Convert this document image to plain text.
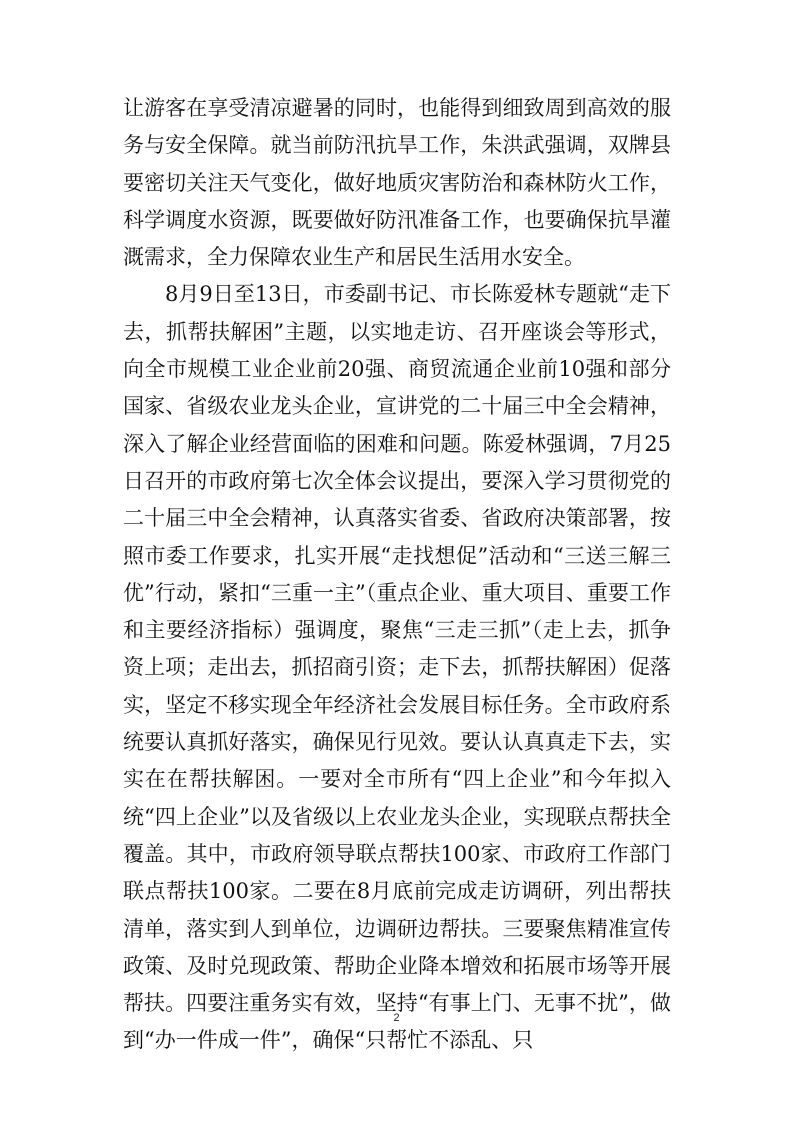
让游客在享受清凉避暑的同时，也能得到细致周到高效的服务与安全保障。就当前防汛抗旱工作，朱洪武强调，双牌县要密切关注天气变化，做好地质灾害防治和森林防火工作，科学调度水资源，既要做好防汛准备工作，也要确保抗旱灌溉需求，全力保障农业生产和居民生活用水安全。

8月9日至13日，市委副书记、市长陈爱林专题就“走下去，抓帮扶解困”主题，以实地走访、召开座谈会等形式，向全市规模工业企业前20强、商贸流通企业前10强和部分国家、省级农业龙头企业，宣讲党的二十届三中全会精神，深入了解企业经营面临的困难和问题。陈爱林强调，7月25日召开的市政府第七次全体会议提出，要深入学习贯彻党的二十届三中全会精神，认真落实省委、省政府决策部署，按照市委工作要求，扎实开展“走找想促”活动和“三送三解三优”行动，紧扣“三重一主”（重点企业、重大项目、重要工作和主要经济指标）强调度，聚焦“三走三抓”（走上去，抓争资上项；走出去，抓招商引资；走下去，抓帮扶解困）促落实，坚定不移实现全年经济社会发展目标任务。全市政府系统要认真抓好落实，确保见行见效。要认认真真走下去，实实在在帮扶解困。一要对全市所有“四上企业”和今年拟入统“四上企业”以及省级以上农业龙头企业，实现联点帮扶全覆盖。其中，市政府领导联点帮扶100家、市政府工作部门联点帮扶100家。二要在8月底前完成走访调研，列出帮扶清单，落实到人到单位，边调研边帮扶。三要聚焦精准宣传政策、及时兑现政策、帮助企业降本增效和拓展市场等开展帮扶。四要注重务实有效，坚持“有事上门、无事不扰”，做到“办一件成一件”，确保“只帮忙不添乱、只

2
